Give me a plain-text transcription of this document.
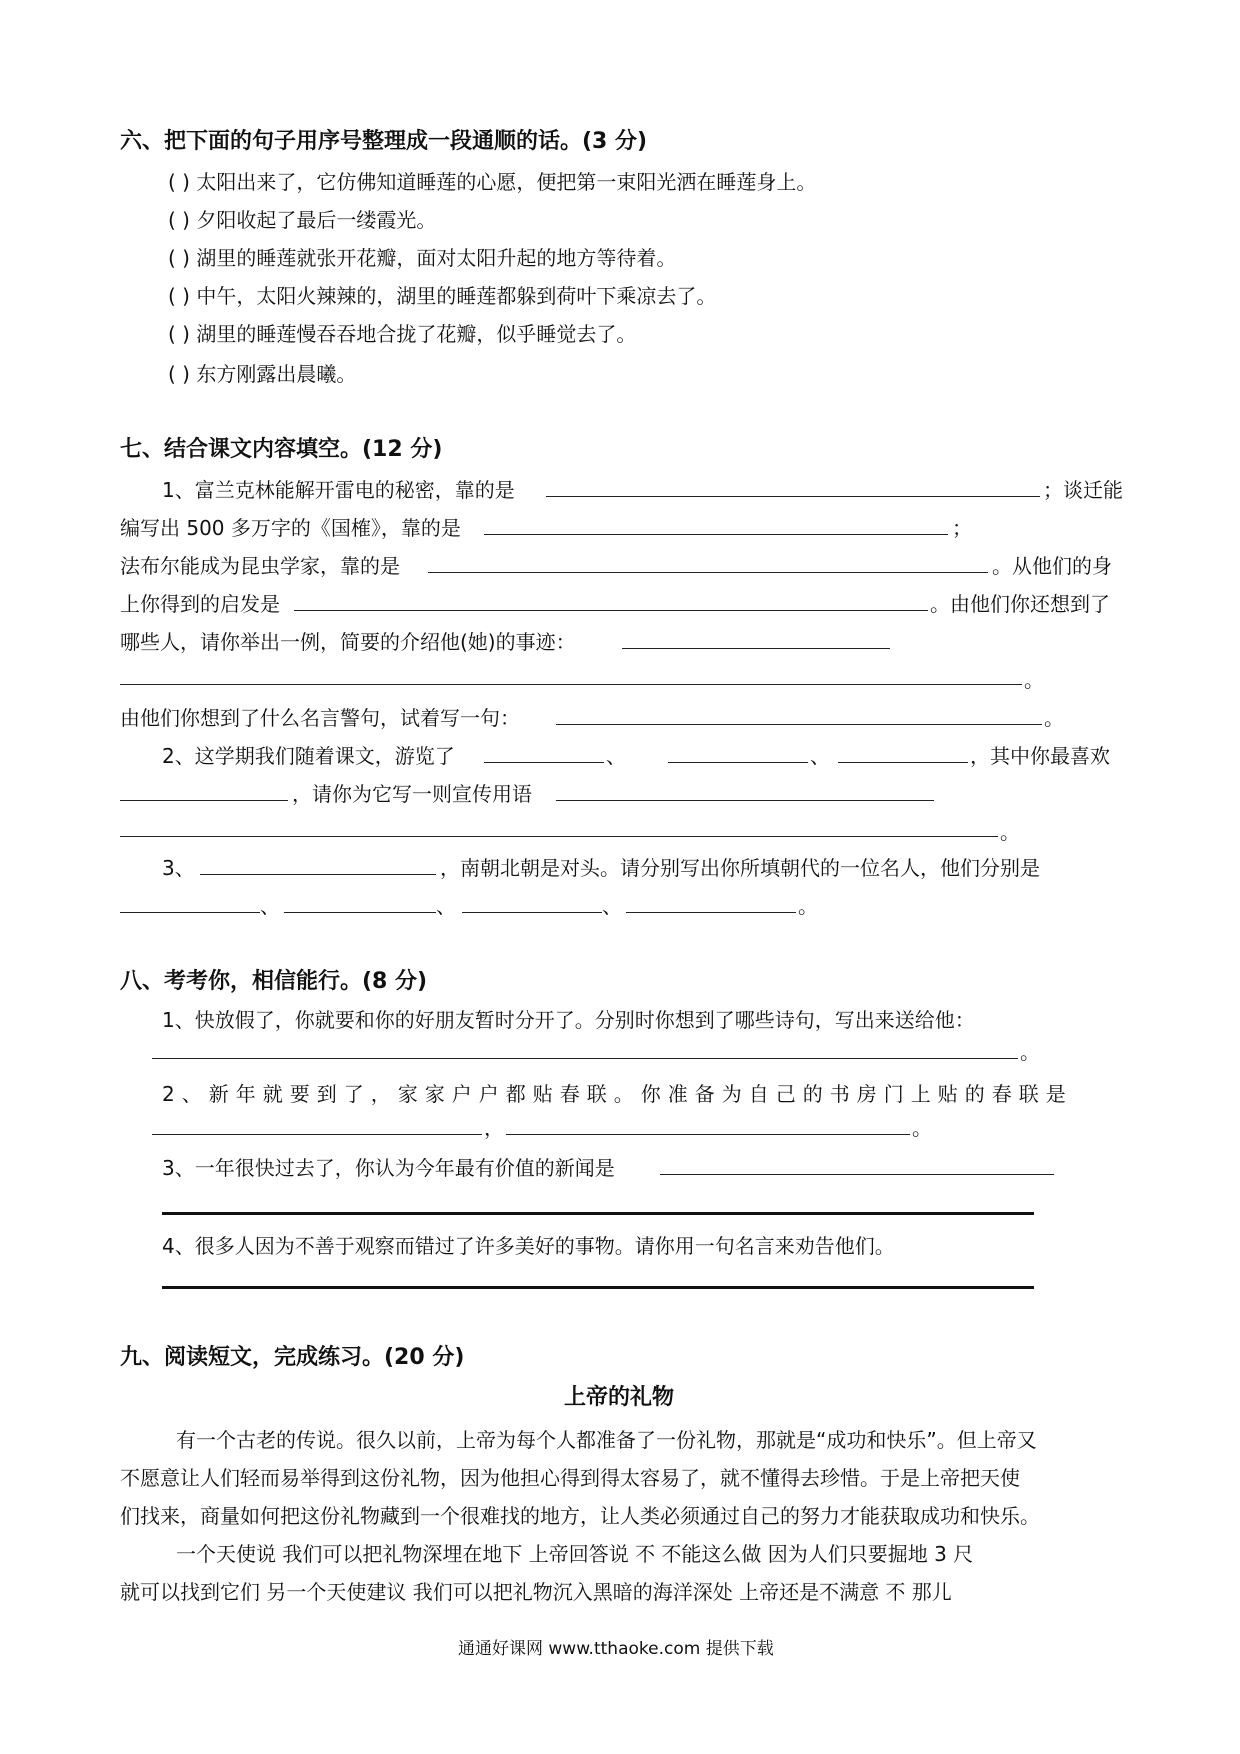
六、把下面的句子用序号整理成一段通顺的话。(3 分)
( ) 太阳出来了，它仿佛知道睡莲的心愿，便把第一束阳光洒在睡莲身上。
( ) 夕阳收起了最后一缕霞光。
( ) 湖里的睡莲就张开花瓣，面对太阳升起的地方等待着。
( ) 中午，太阳火辣辣的，湖里的睡莲都躲到荷叶下乘凉去了。
( ) 湖里的睡莲慢吞吞地合拢了花瓣，似乎睡觉去了。
( ) 东方刚露出晨曦。
七、结合课文内容填空。(12 分)
1、富兰克林能解开雷电的秘密，靠的是	；谈迁能
编写出 500 多万字的《国榷》，靠的是	；
法布尔能成为昆虫学家，靠的是	。从他们的身
上你得到的启发是	。由他们你还想到了
哪些人，请你举出一例，简要的介绍他(她)的事迹：
。
由他们你想到了什么名言警句，试着写一句：	。
2、这学期我们随着课文，游览了	、	、	，其中你最喜欢
，请你为它写一则宣传用语
。
3、	，南朝北朝是对头。请分别写出你所填朝代的一位名人，他们分别是
、	、	、	。
八、考考你，相信能行。(8 分)
1、快放假了，你就要和你的好朋友暂时分开了。分别时你想到了哪些诗句，写出来送给他：
。
2、新年就要到了，家家户户都贴春联。你准备为自己的书房门上贴的春联是
，	。
3、一年很快过去了，你认为今年最有价值的新闻是
4、很多人因为不善于观察而错过了许多美好的事物。请你用一句名言来劝告他们。
九、阅读短文，完成练习。(20 分)
上帝的礼物
有一个古老的传说。很久以前，上帝为每个人都准备了一份礼物，那就是“成功和快乐”。但上帝又
不愿意让人们轻而易举得到这份礼物，因为他担心得到得太容易了，就不懂得去珍惜。于是上帝把天使
们找来，商量如何把这份礼物藏到一个很难找的地方，让人类必须通过自己的努力才能获取成功和快乐。
一个天使说 我们可以把礼物深埋在地下 上帝回答说 不 不能这么做 因为人们只要掘地 3 尺
就可以找到它们 另一个天使建议 我们可以把礼物沉入黑暗的海洋深处 上帝还是不满意 不 那儿
通通好课网 www.tthaoke.com 提供下载
